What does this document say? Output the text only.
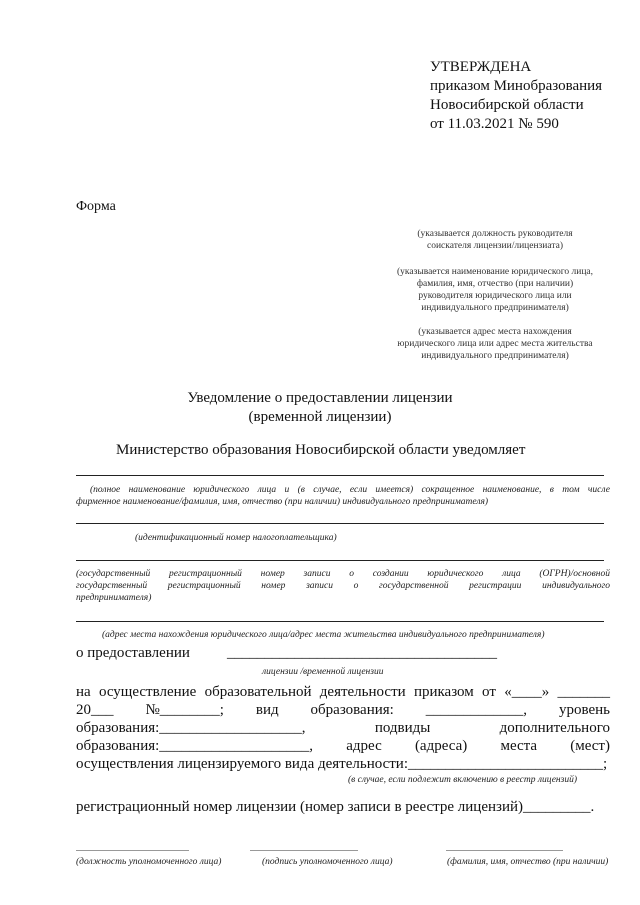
УТВЕРЖДЕНА
приказом Минобразования
Новосибирской области
от 11.03.2021 № 590
Форма
(указывается должность руководителя
соискателя лицензии/лицензиата)
(указывается наименование юридического лица,
фамилия, имя, отчество (при наличии)
руководителя юридического лица или
индивидуального предпринимателя)
(указывается адрес места нахождения
юридического лица или адрес места жительства
индивидуального предпринимателя)
Уведомление о предоставлении лицензии
(временной лицензии)
Министерство образования Новосибирской области уведомляет
(полное наименование юридического лица и (в случае, если имеется) сокращенное наименование, в том числе
фирменное наименование/фамилия, имя, отчество (при наличии) индивидуального предпринимателя)
(идентификационный номер налогоплательщика)
(государственный регистрационный номер записи о создании юридического лица (ОГРН)/основной
государственный регистрационный номер записи о государственной регистрации индивидуального
предпринимателя)
(адрес места нахождения юридического лица/адрес места жительства индивидуального предпринимателя)
о предоставлении ____________________________________
лицензии /временной лицензии
на осуществление образовательной деятельности приказом от «____» _______
20___ №________; вид образования: _____________, уровень
образования:___________________,	подвиды	дополнительного
образования:____________________, адрес (адреса) места (мест)
осуществления лицензируемого вида деятельности:__________________________;
(в случае, если подлежит включению в реестр лицензий)
регистрационный номер лицензии (номер записи в реестре лицензий)_________.
(должность уполномоченного лица)	(подпись уполномоченного лица)	(фамилия, имя, отчество (при наличии)
